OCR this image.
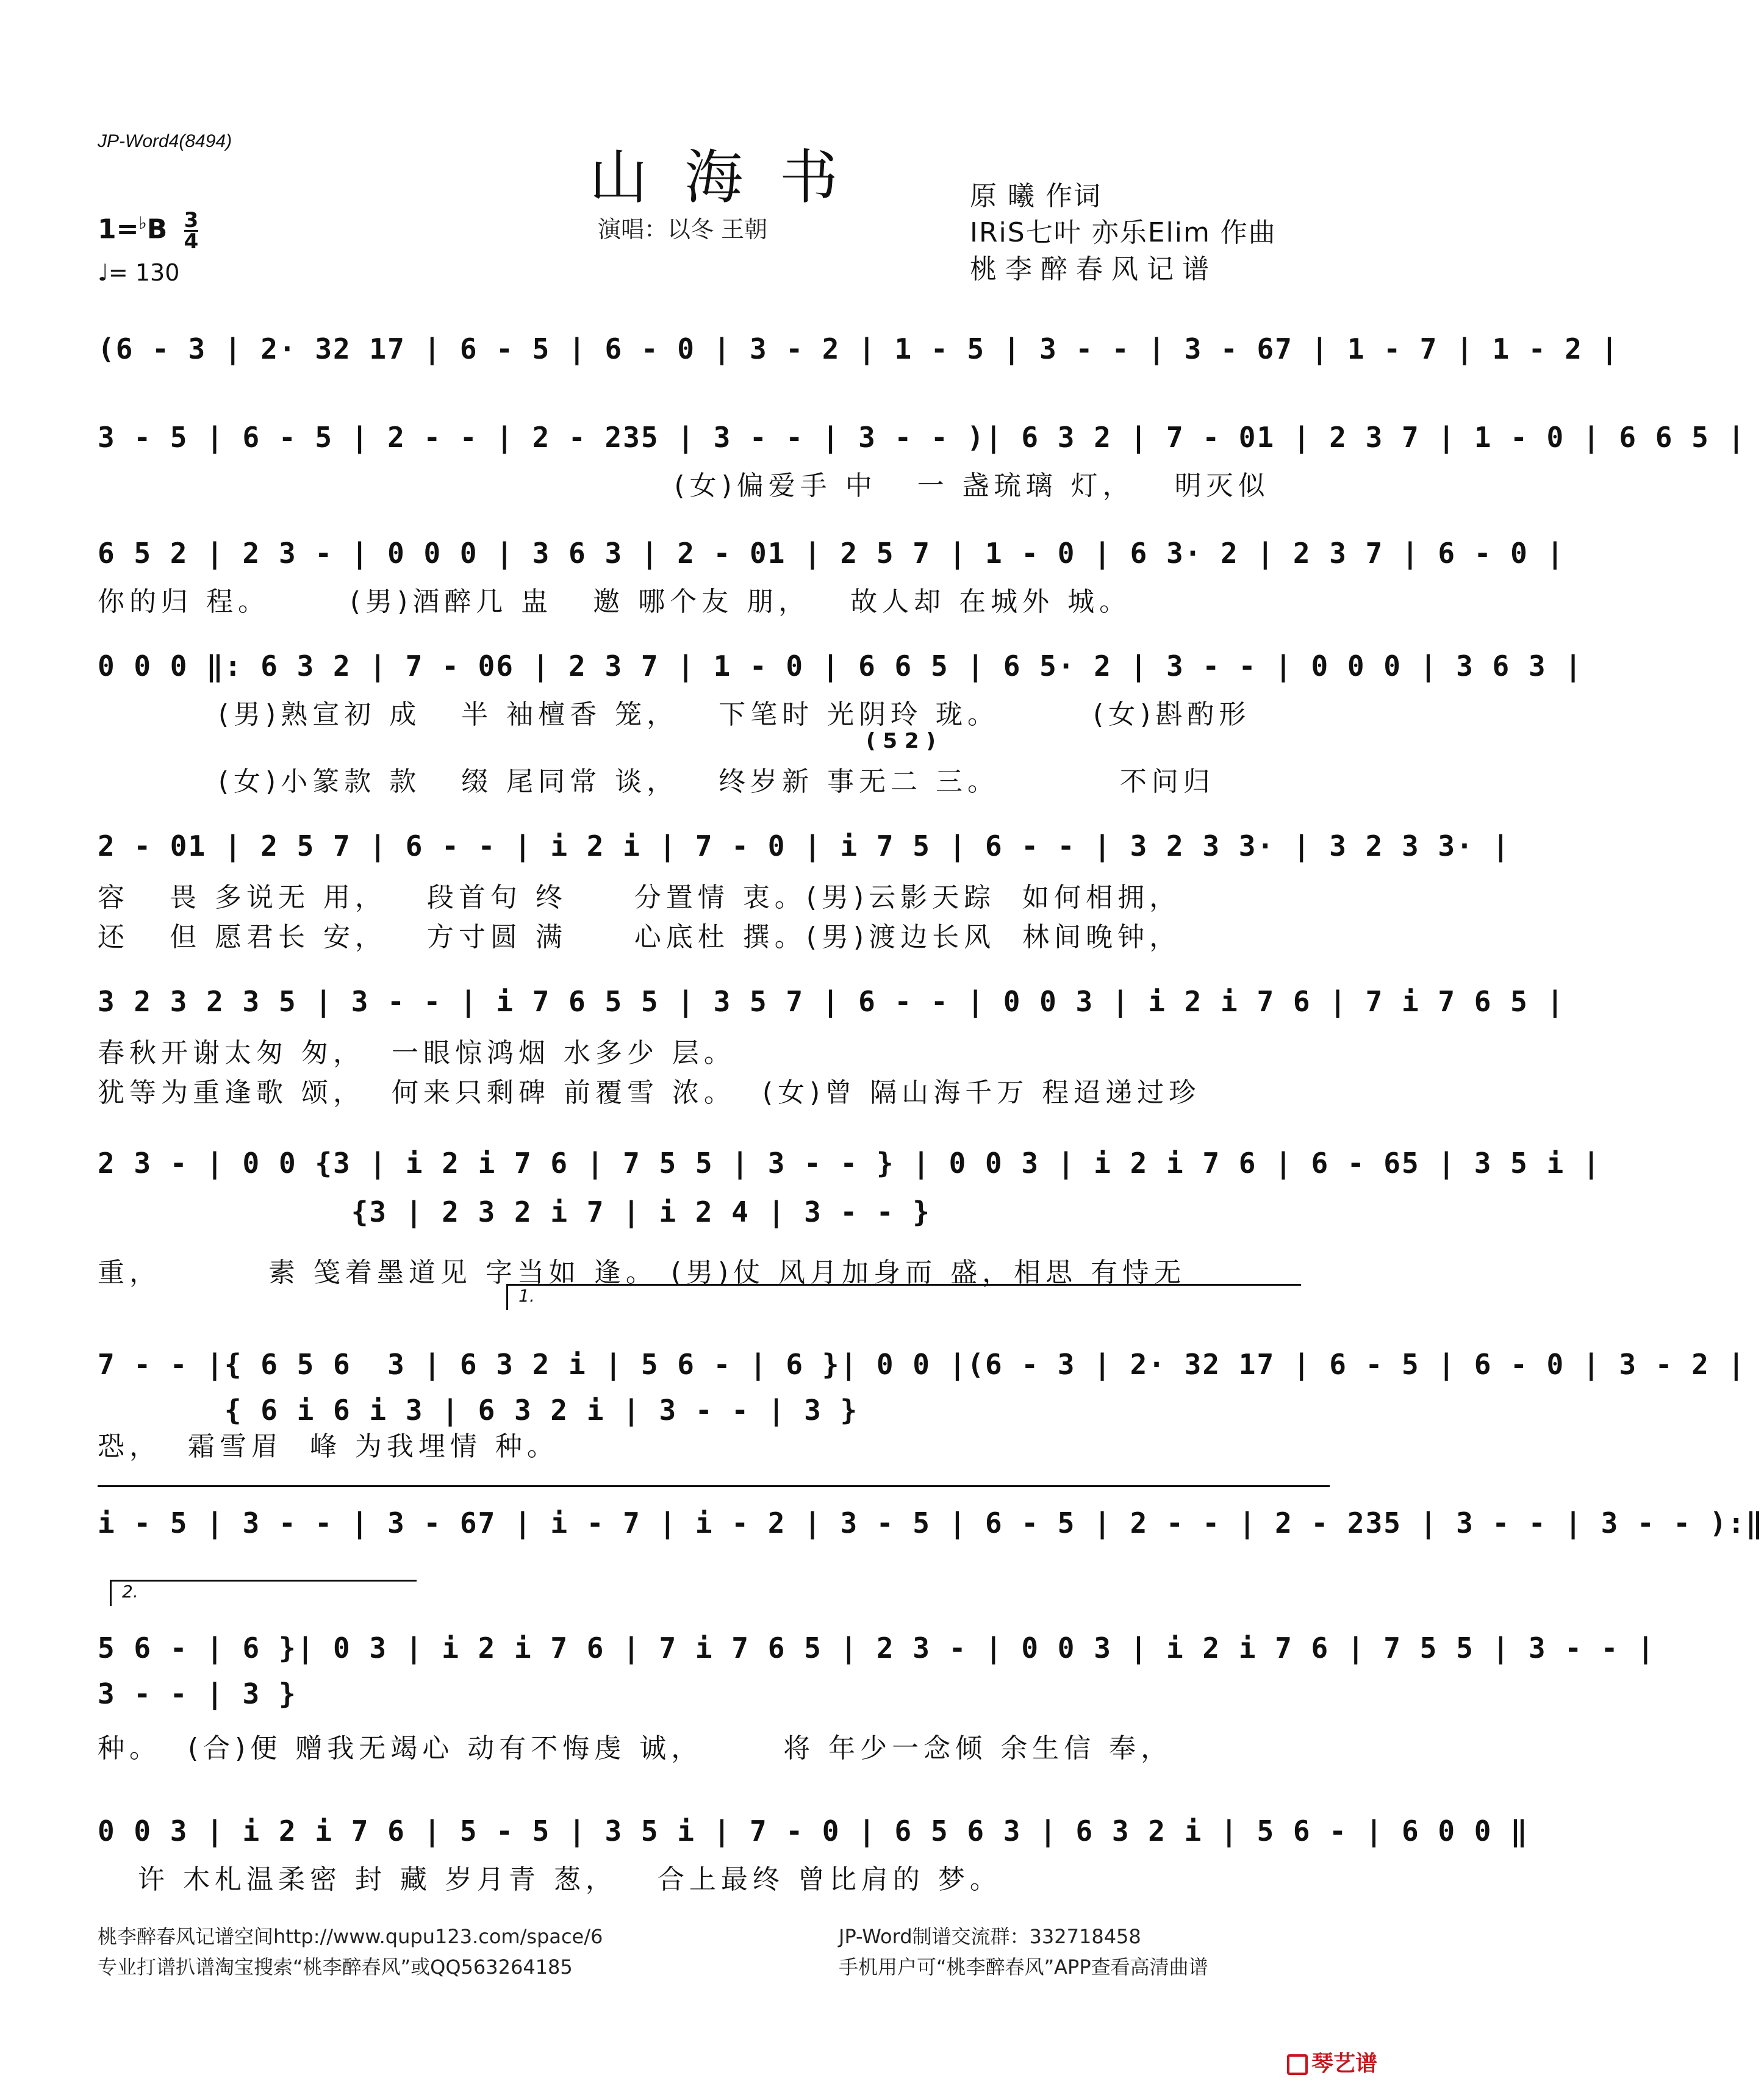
JP-Word4(8494)
山海书
演唱：以冬 王朝
$1=^♭B \frac{3}{4}$
♩= 130
原 曦 作词
IRiS七叶 亦乐Elim 作曲
桃李醉春风记谱
(6 - 3 | 2· 32 17 | 6 - 5 | 6 - 0 | 3 - 2 | 1 - 5 | 3 - - | 3 - 67 | 1 - 7 | 1 - 2 |
3 - 5 | 6 - 5 | 2 - - | 2 - 235 | 3 - - | 3 - - )| 6 3 2 | 7 - 01 | 2 3 7 | 1 - 0 | 6 6 5 |
(女)偏爱手 中   一 盏琉璃 灯，   明灭似
6 5 2 | 2 3 - | 0 0 0 | 3 6 3 | 2 - 01 | 2 5 7 | 1 - 0 | 6 3· 2 | 2 3 7 | 6 - 0 |
你的归 程。      (男)酒醉几 盅   邀 哪个友 朋，   故人却 在城外 城。
0 0 0 ‖: 6 3 2 | 7 - 06 | 2 3 7 | 1 - 0 | 6 6 5 | 6 5· 2 | 3 - - | 0 0 0 | 3 6 3 |
(男)熟宣初 成   半 袖檀香 笼，   下笔时 光阴玲 珑。       (女)斟酌形
( 5 2 )
(女)小篆款 款   缀 尾同常 谈，   终岁新 事无二 三。         不问归
2 - 01 | 2 5 7 | 6 - - | i 2 i | 7 - 0 | i 7 5 | 6 - - | 3 2 3 3· | 3 2 3 3· |
容   畏 多说无 用，   段首句 终     分置情 衷。(男)云影天踪  如何相拥，
还   但 愿君长 安，   方寸圆 满     心底杜 撰。(男)渡边长风  林间晚钟，
3 2 3 2 3 5 | 3 - - | i 7 6 5 5 | 3 5 7 | 6 - - | 0 0 3 | i 2 i 7 6 | 7 i 7 6 5 |
春秋开谢太匆 匆，  一眼惊鸿烟 水多少 层。
犹等为重逢歌 颂，  何来只剩碑 前覆雪 浓。  (女)曾 隔山海千万 程迢递过珍
2 3 - | 0 0 {3 | i 2 i 7 6 | 7 5 5 | 3 - - } | 0 0 3 | i 2 i 7 6 | 6 - 65 | 3 5 i |
{3 | 2 3 2 i 7 | i 2 4 | 3 - - }
重，        素 笺着墨道见 字当如 逢。 (男)仗 风月加身而 盛，相思 有恃无
1.
7 - - |{ 6 5 6  3 | 6 3 2 i | 5 6 - | 6 }| 0 0 |(6 - 3 | 2· 32 17 | 6 - 5 | 6 - 0 | 3 - 2 |
{ 6 i 6 i 3 | 6 3 2 i | 3 - - | 3 }
恐，  霜雪眉  峰 为我埋情 种。
i - 5 | 3 - - | 3 - 67 | i - 7 | i - 2 | 3 - 5 | 6 - 5 | 2 - - | 2 - 235 | 3 - - | 3 - - ):‖
2.
5 6 - | 6 }| 0 3 | i 2 i 7 6 | 7 i 7 6 5 | 2 3 - | 0 0 3 | i 2 i 7 6 | 7 5 5 | 3 - - |
3 - - | 3 }
种。  (合)便 赠我无竭心 动有不悔虔 诚，      将 年少一念倾 余生信 奉，
0 0 3 | i 2 i 7 6 | 5 - 5 | 3 5 i | 7 - 0 | 6 5 6 3 | 6 3 2 i | 5 6 - | 6 0 0 ‖
许 木札温柔密 封 藏 岁月青 葱，   合上最终 曾比肩的 梦。
桃李醉春风记谱空间http://www.qupu123.com/space/6
专业打谱扒谱淘宝搜索“桃李醉春风”或QQ563264185
JP-Word制谱交流群：332718458
手机用户可“桃李醉春风”APP查看高清曲谱
琴艺谱
